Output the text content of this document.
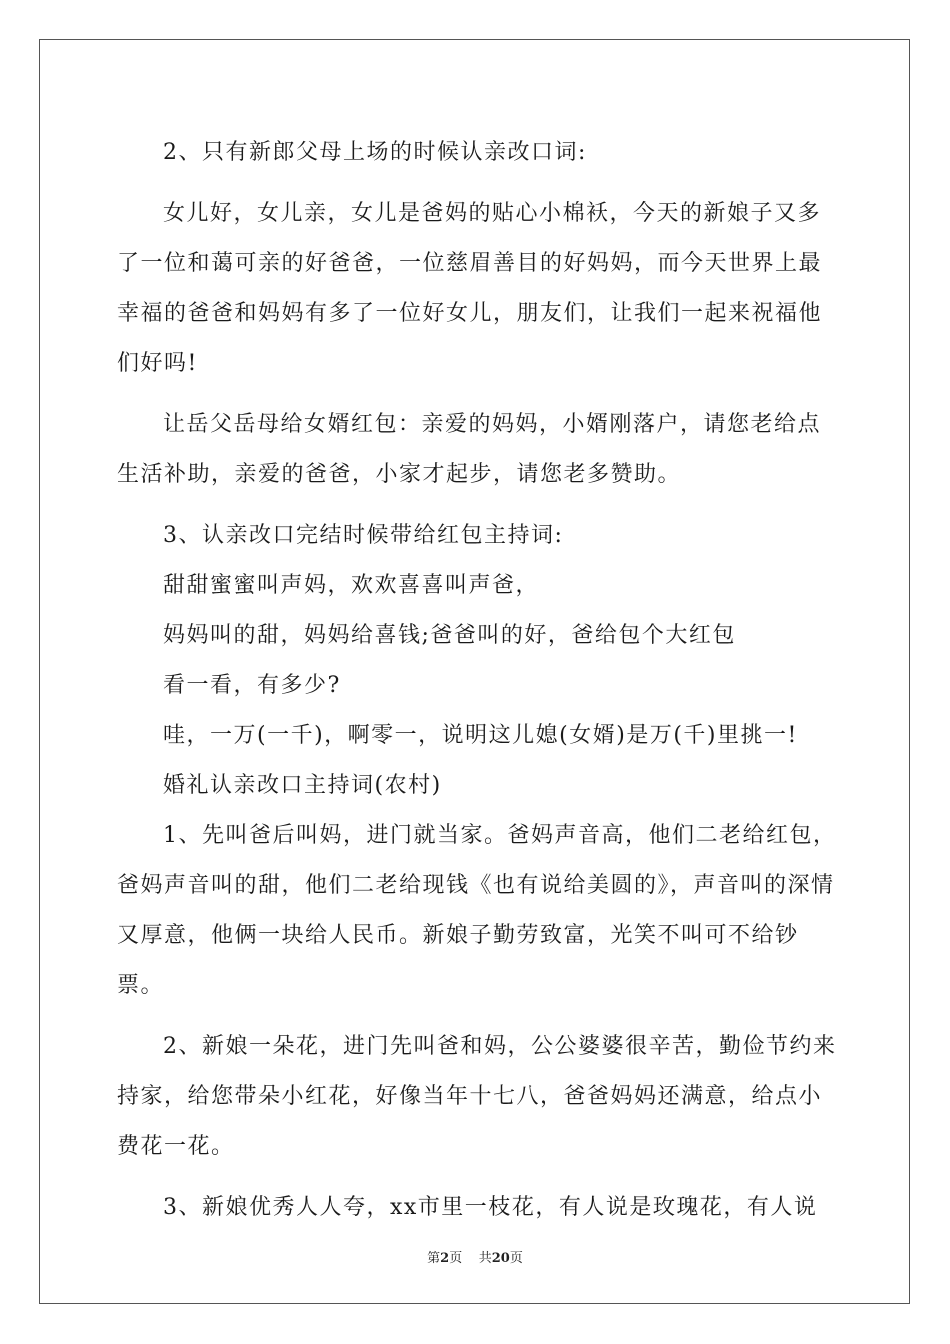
2、只有新郎父母上场的时候认亲改口词:

女儿好，女儿亲，女儿是爸妈的贴心小棉袄，今天的新娘子又多了一位和蔼可亲的好爸爸，一位慈眉善目的好妈妈，而今天世界上最幸福的爸爸和妈妈有多了一位好女儿，朋友们，让我们一起来祝福他们好吗!

让岳父岳母给女婿红包：亲爱的妈妈，小婿刚落户，请您老给点生活补助，亲爱的爸爸，小家才起步，请您老多赞助。

3、认亲改口完结时候带给红包主持词:

甜甜蜜蜜叫声妈，欢欢喜喜叫声爸，

妈妈叫的甜，妈妈给喜钱;爸爸叫的好，爸给包个大红包

看一看，有多少?

哇，一万(一千)，啊零一，说明这儿媳(女婿)是万(千)里挑一!

婚礼认亲改口主持词(农村)

1、先叫爸后叫妈，进门就当家。爸妈声音高，他们二老给红包，爸妈声音叫的甜，他们二老给现钱《也有说给美圆的》，声音叫的深情又厚意，他俩一块给人民币。新娘子勤劳致富，光笑不叫可不给钞票。

2、新娘一朵花，进门先叫爸和妈，公公婆婆很辛苦，勤俭节约来持家，给您带朵小红花，好像当年十七八，爸爸妈妈还满意，给点小费花一花。

3、新娘优秀人人夸，xx市里一枝花，有人说是玫瑰花，有人说

第2页 共20页
